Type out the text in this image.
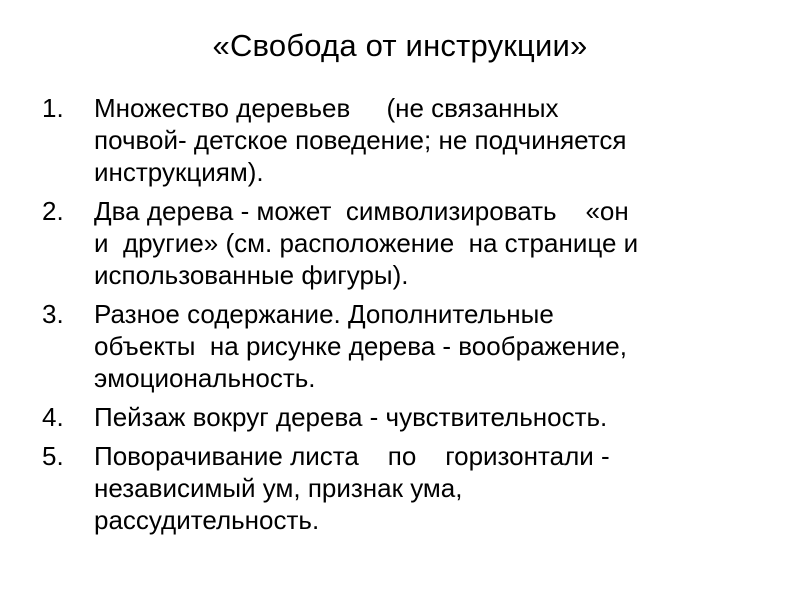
«Свобода от инструкции»
1.	Множество деревьев     (не связанных
почвой- детское поведение; не подчиняется
инструкциям).
2.	Два дерева - может  символизировать    «он
и  другие» (см. расположение  на странице и
использованные фигуры).
3.	Разное содержание. Дополнительные
объекты  на рисунке дерева - воображение,
эмоциональность.
4.	Пейзаж вокруг дерева - чувствительность.
5.	Поворачивание листа    по    горизонтали -
независимый ум, признак ума,
рассудительность.
